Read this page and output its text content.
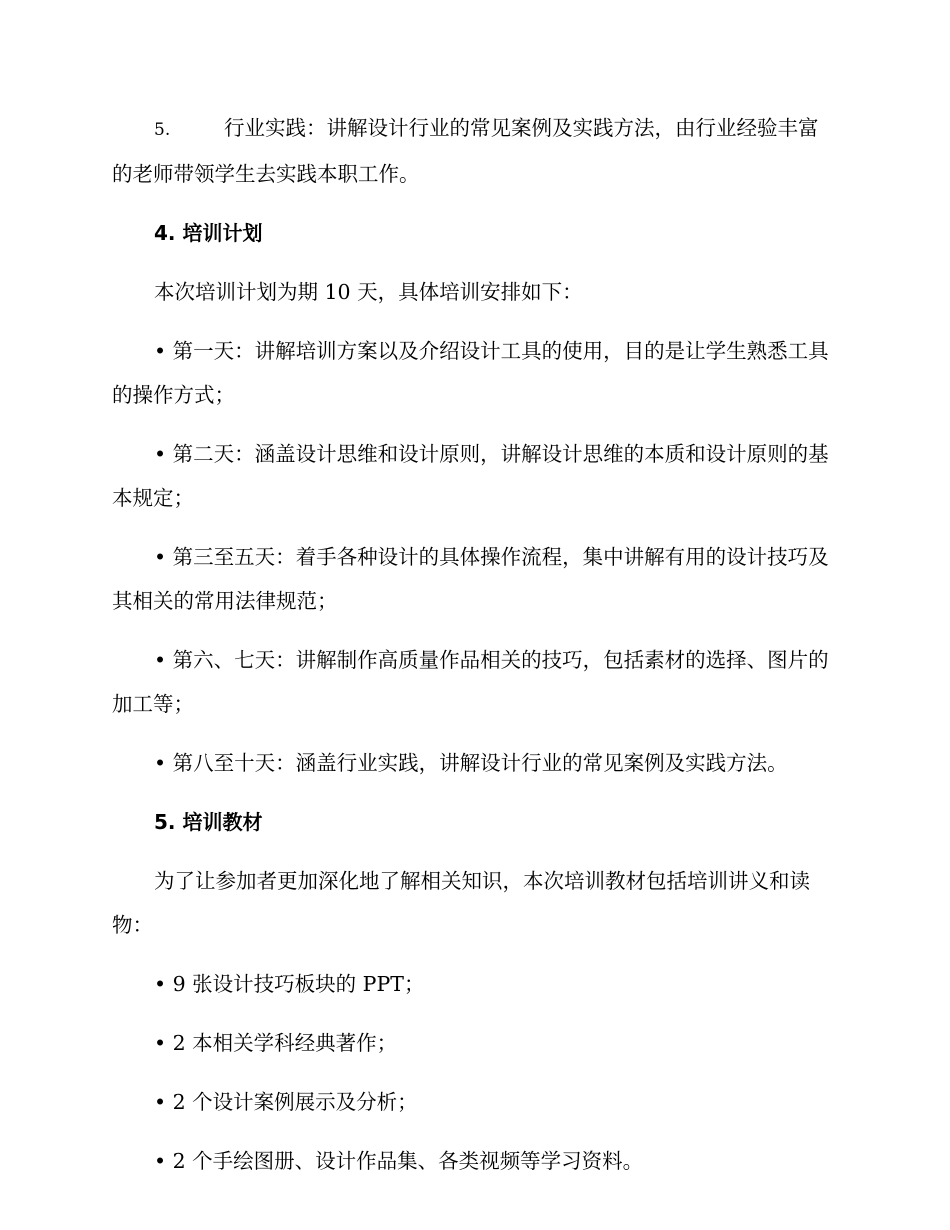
5.	行业实践：讲解设计行业的常见案例及实践方法，由行业经验丰富的老师带领学生去实践本职工作。

4. 培训计划

本次培训计划为期 10 天，具体培训安排如下：

• 第一天：讲解培训方案以及介绍设计工具的使用，目的是让学生熟悉工具的操作方式；

• 第二天：涵盖设计思维和设计原则，讲解设计思维的本质和设计原则的基本规定；

• 第三至五天：着手各种设计的具体操作流程，集中讲解有用的设计技巧及其相关的常用法律规范；

• 第六、七天：讲解制作高质量作品相关的技巧，包括素材的选择、图片的加工等；

• 第八至十天：涵盖行业实践，讲解设计行业的常见案例及实践方法。

5. 培训教材

为了让参加者更加深化地了解相关知识，本次培训教材包括培训讲义和读物：

• 9 张设计技巧板块的 PPT；

• 2 本相关学科经典著作；

• 2 个设计案例展示及分析；

• 2 个手绘图册、设计作品集、各类视频等学习资料。
